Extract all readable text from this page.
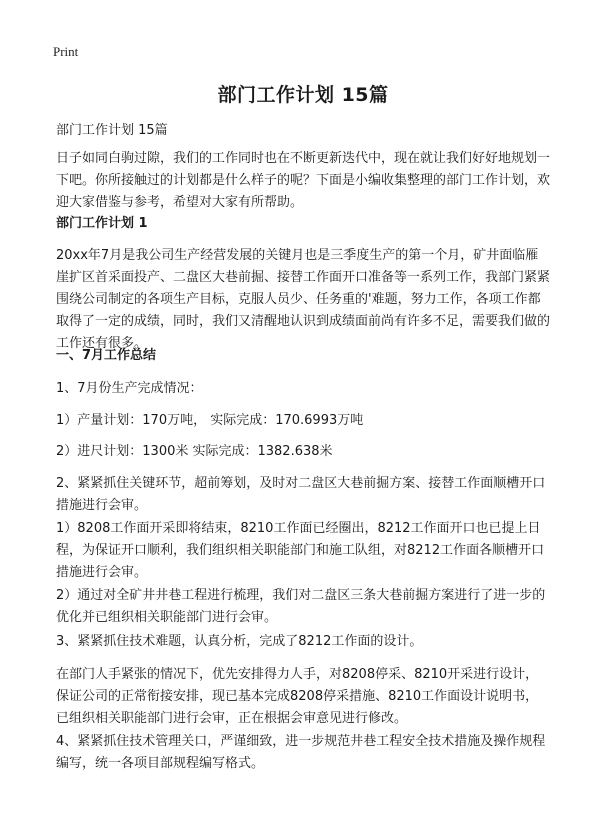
Print
部门工作计划 15篇

部门工作计划 15篇

日子如同白驹过隙，我们的工作同时也在不断更新迭代中，现在就让我们好好地规划一下吧。你所接触过的计划都是什么样子的呢？下面是小编收集整理的部门工作计划，欢迎大家借鉴与参考，希望对大家有所帮助。

部门工作计划 1

20xx年7月是我公司生产经营发展的关键月也是三季度生产的第一个月，矿井面临雁崖扩区首采面投产、二盘区大巷前掘、接替工作面开口准备等一系列工作，我部门紧紧围绕公司制定的各项生产目标，克服人员少、任务重的'难题，努力工作，各项工作都取得了一定的成绩，同时，我们又清醒地认识到成绩面前尚有许多不足，需要我们做的工作还有很多。

一、7月工作总结

1、7月份生产完成情况：

1）产量计划：170万吨， 实际完成：170.6993万吨

2）进尺计划：1300米 实际完成：1382.638米

2、紧紧抓住关键环节，超前筹划，及时对二盘区大巷前掘方案、接替工作面顺槽开口措施进行会审。

1）8208工作面开采即将结束，8210工作面已经圈出，8212工作面开口也已提上日程，为保证开口顺利，我们组织相关职能部门和施工队组，对8212工作面各顺槽开口措施进行会审。

2）通过对全矿井井巷工程进行梳理，我们对二盘区三条大巷前掘方案进行了进一步的优化并已组织相关职能部门进行会审。

3、紧紧抓住技术难题，认真分析，完成了8212工作面的设计。

在部门人手紧张的情况下，优先安排得力人手，对8208停采、8210开采进行设计，保证公司的正常衔接安排，现已基本完成8208停采措施、8210工作面设计说明书，已组织相关职能部门进行会审，正在根据会审意见进行修改。

4、紧紧抓住技术管理关口，严谨细致，进一步规范井巷工程安全技术措施及操作规程编写，统一各项目部规程编写格式。
